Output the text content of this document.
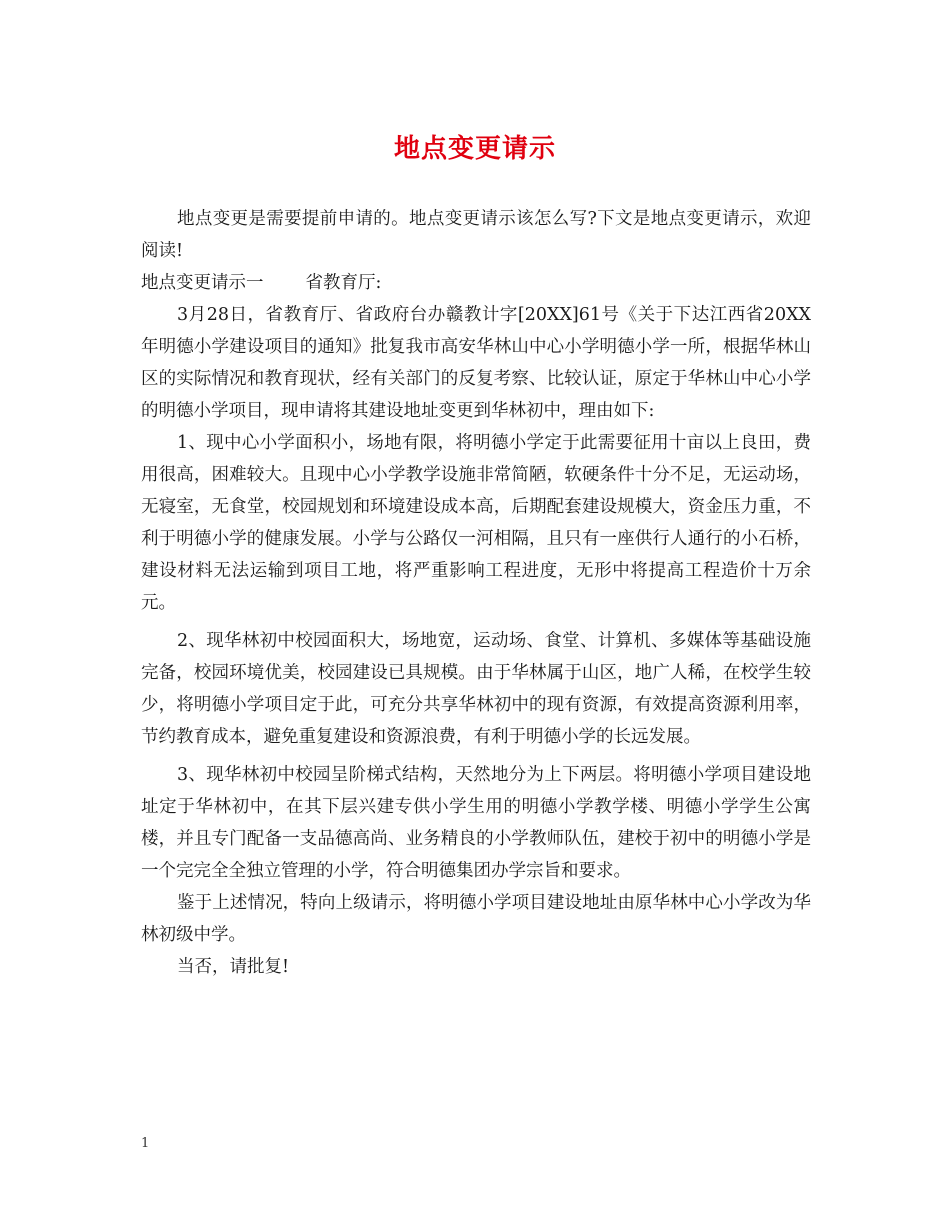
地点变更请示

地点变更是需要提前申请的。地点变更请示该怎么写?下文是地点变更请示，欢迎阅读!

地点变更请示一 省教育厅:

3月28日，省教育厅、省政府台办赣教计字[20XX]61号《关于下达江西省20XX年明德小学建设项目的通知》批复我市高安华林山中心小学明德小学一所，根据华林山区的实际情况和教育现状，经有关部门的反复考察、比较认证，原定于华林山中心小学的明德小学项目，现申请将其建设地址变更到华林初中，理由如下:

1、现中心小学面积小，场地有限，将明德小学定于此需要征用十亩以上良田，费用很高，困难较大。且现中心小学教学设施非常简陋，软硬条件十分不足，无运动场，无寝室，无食堂，校园规划和环境建设成本高，后期配套建设规模大，资金压力重，不利于明德小学的健康发展。小学与公路仅一河相隔，且只有一座供行人通行的小石桥，建设材料无法运输到项目工地，将严重影响工程进度，无形中将提高工程造价十万余元。

2、现华林初中校园面积大，场地宽，运动场、食堂、计算机、多媒体等基础设施完备，校园环境优美，校园建设已具规模。由于华林属于山区，地广人稀，在校学生较少，将明德小学项目定于此，可充分共享华林初中的现有资源，有效提高资源利用率，节约教育成本，避免重复建设和资源浪费，有利于明德小学的长远发展。

3、现华林初中校园呈阶梯式结构，天然地分为上下两层。将明德小学项目建设地址定于华林初中，在其下层兴建专供小学生用的明德小学教学楼、明德小学学生公寓楼，并且专门配备一支品德高尚、业务精良的小学教师队伍，建校于初中的明德小学是一个完完全全独立管理的小学，符合明德集团办学宗旨和要求。

鉴于上述情况，特向上级请示，将明德小学项目建设地址由原华林中心小学改为华林初级中学。

当否，请批复!

1
